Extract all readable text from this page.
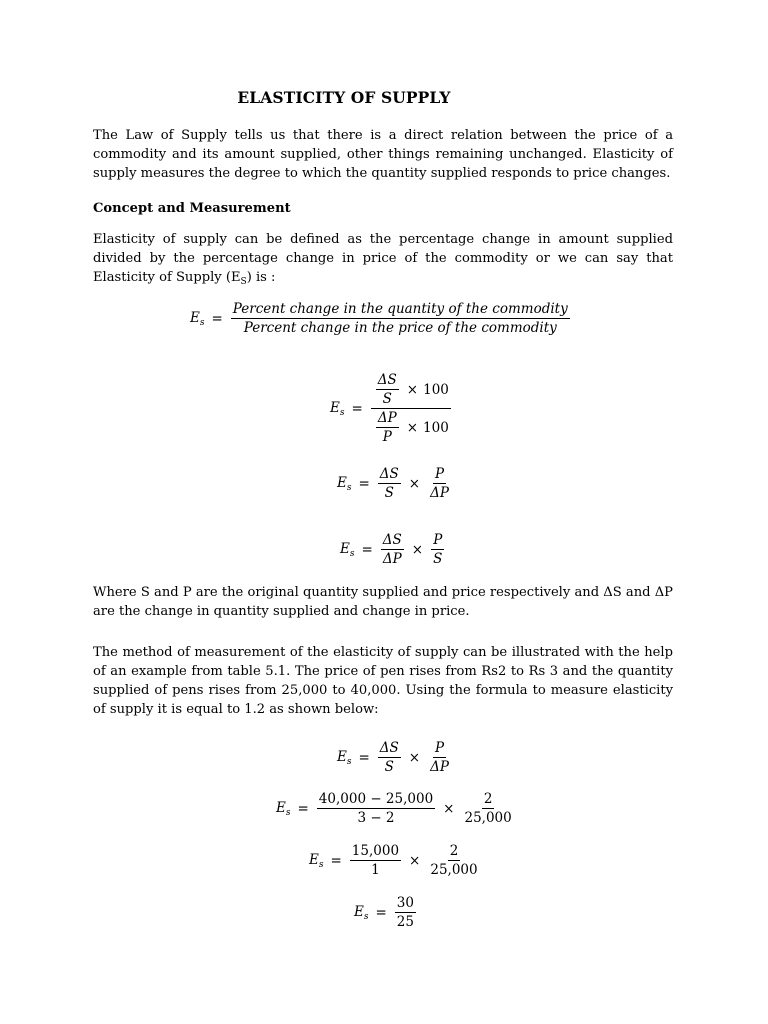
ELASTICITY OF SUPPLY
The Law of Supply tells us that there is a direct relation between the price of a commodity and its amount supplied, other things remaining unchanged. Elasticity of supply measures the degree to which the quantity supplied responds to price changes.
Concept and Measurement
Elasticity of supply can be defined as the percentage change in amount supplied divided by the percentage change in price of the commodity or we can say that Elasticity of Supply $(E_S)$ is :
$E_s = \frac{\text{Percent change in the quantity of the commodity}}{\text{Percent change in the price of the commodity}}$
$E_s = \frac{\frac{\Delta S}{S} \times 100}{\frac{\Delta P}{P} \times 100}$
$E_s = \frac{\Delta S}{S} \times \frac{P}{\Delta P}$
$E_s = \frac{\Delta S}{\Delta P} \times \frac{P}{S}$
Where S and P are the original quantity supplied and price respectively and ΔS and ΔP are the change in quantity supplied and change in price.
The method of measurement of the elasticity of supply can be illustrated with the help of an example from table 5.1. The price of pen rises from Rs2 to Rs 3 and the quantity supplied of pens rises from 25,000 to 40,000. Using the formula to measure elasticity of supply it is equal to 1.2 as shown below:
$E_s = \frac{\Delta S}{S} \times \frac{P}{\Delta P}$
$E_s = \frac{40,000 - 25,000}{3 - 2} \times \frac{2}{25,000}$
$E_s = \frac{15,000}{1} \times \frac{2}{25,000}$
$E_s = \frac{30}{25}$
